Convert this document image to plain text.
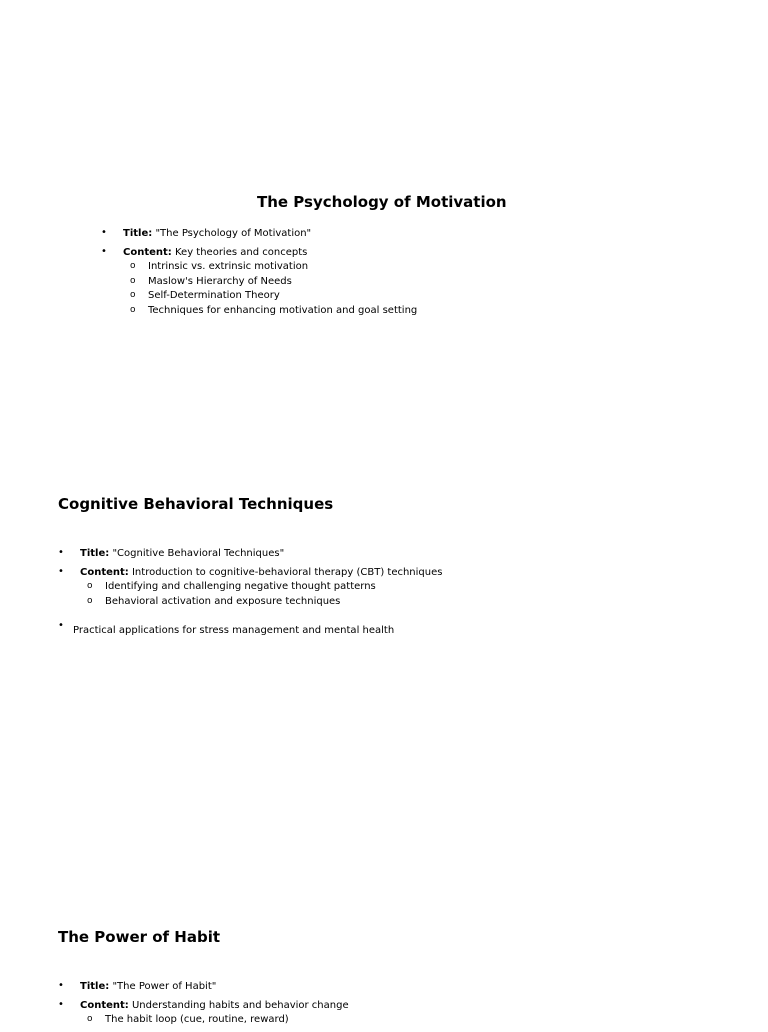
The Psychology of Motivation
• Title: "The Psychology of Motivation"
• Content: Key theories and concepts
o Intrinsic vs. extrinsic motivation
o Maslow's Hierarchy of Needs
o Self-Determination Theory
o Techniques for enhancing motivation and goal setting
Cognitive Behavioral Techniques
• Title: "Cognitive Behavioral Techniques"
• Content: Introduction to cognitive-behavioral therapy (CBT) techniques
o Identifying and challenging negative thought patterns
o Behavioral activation and exposure techniques
• Practical applications for stress management and mental health
The Power of Habit
• Title: "The Power of Habit"
• Content: Understanding habits and behavior change
o The habit loop (cue, routine, reward)
